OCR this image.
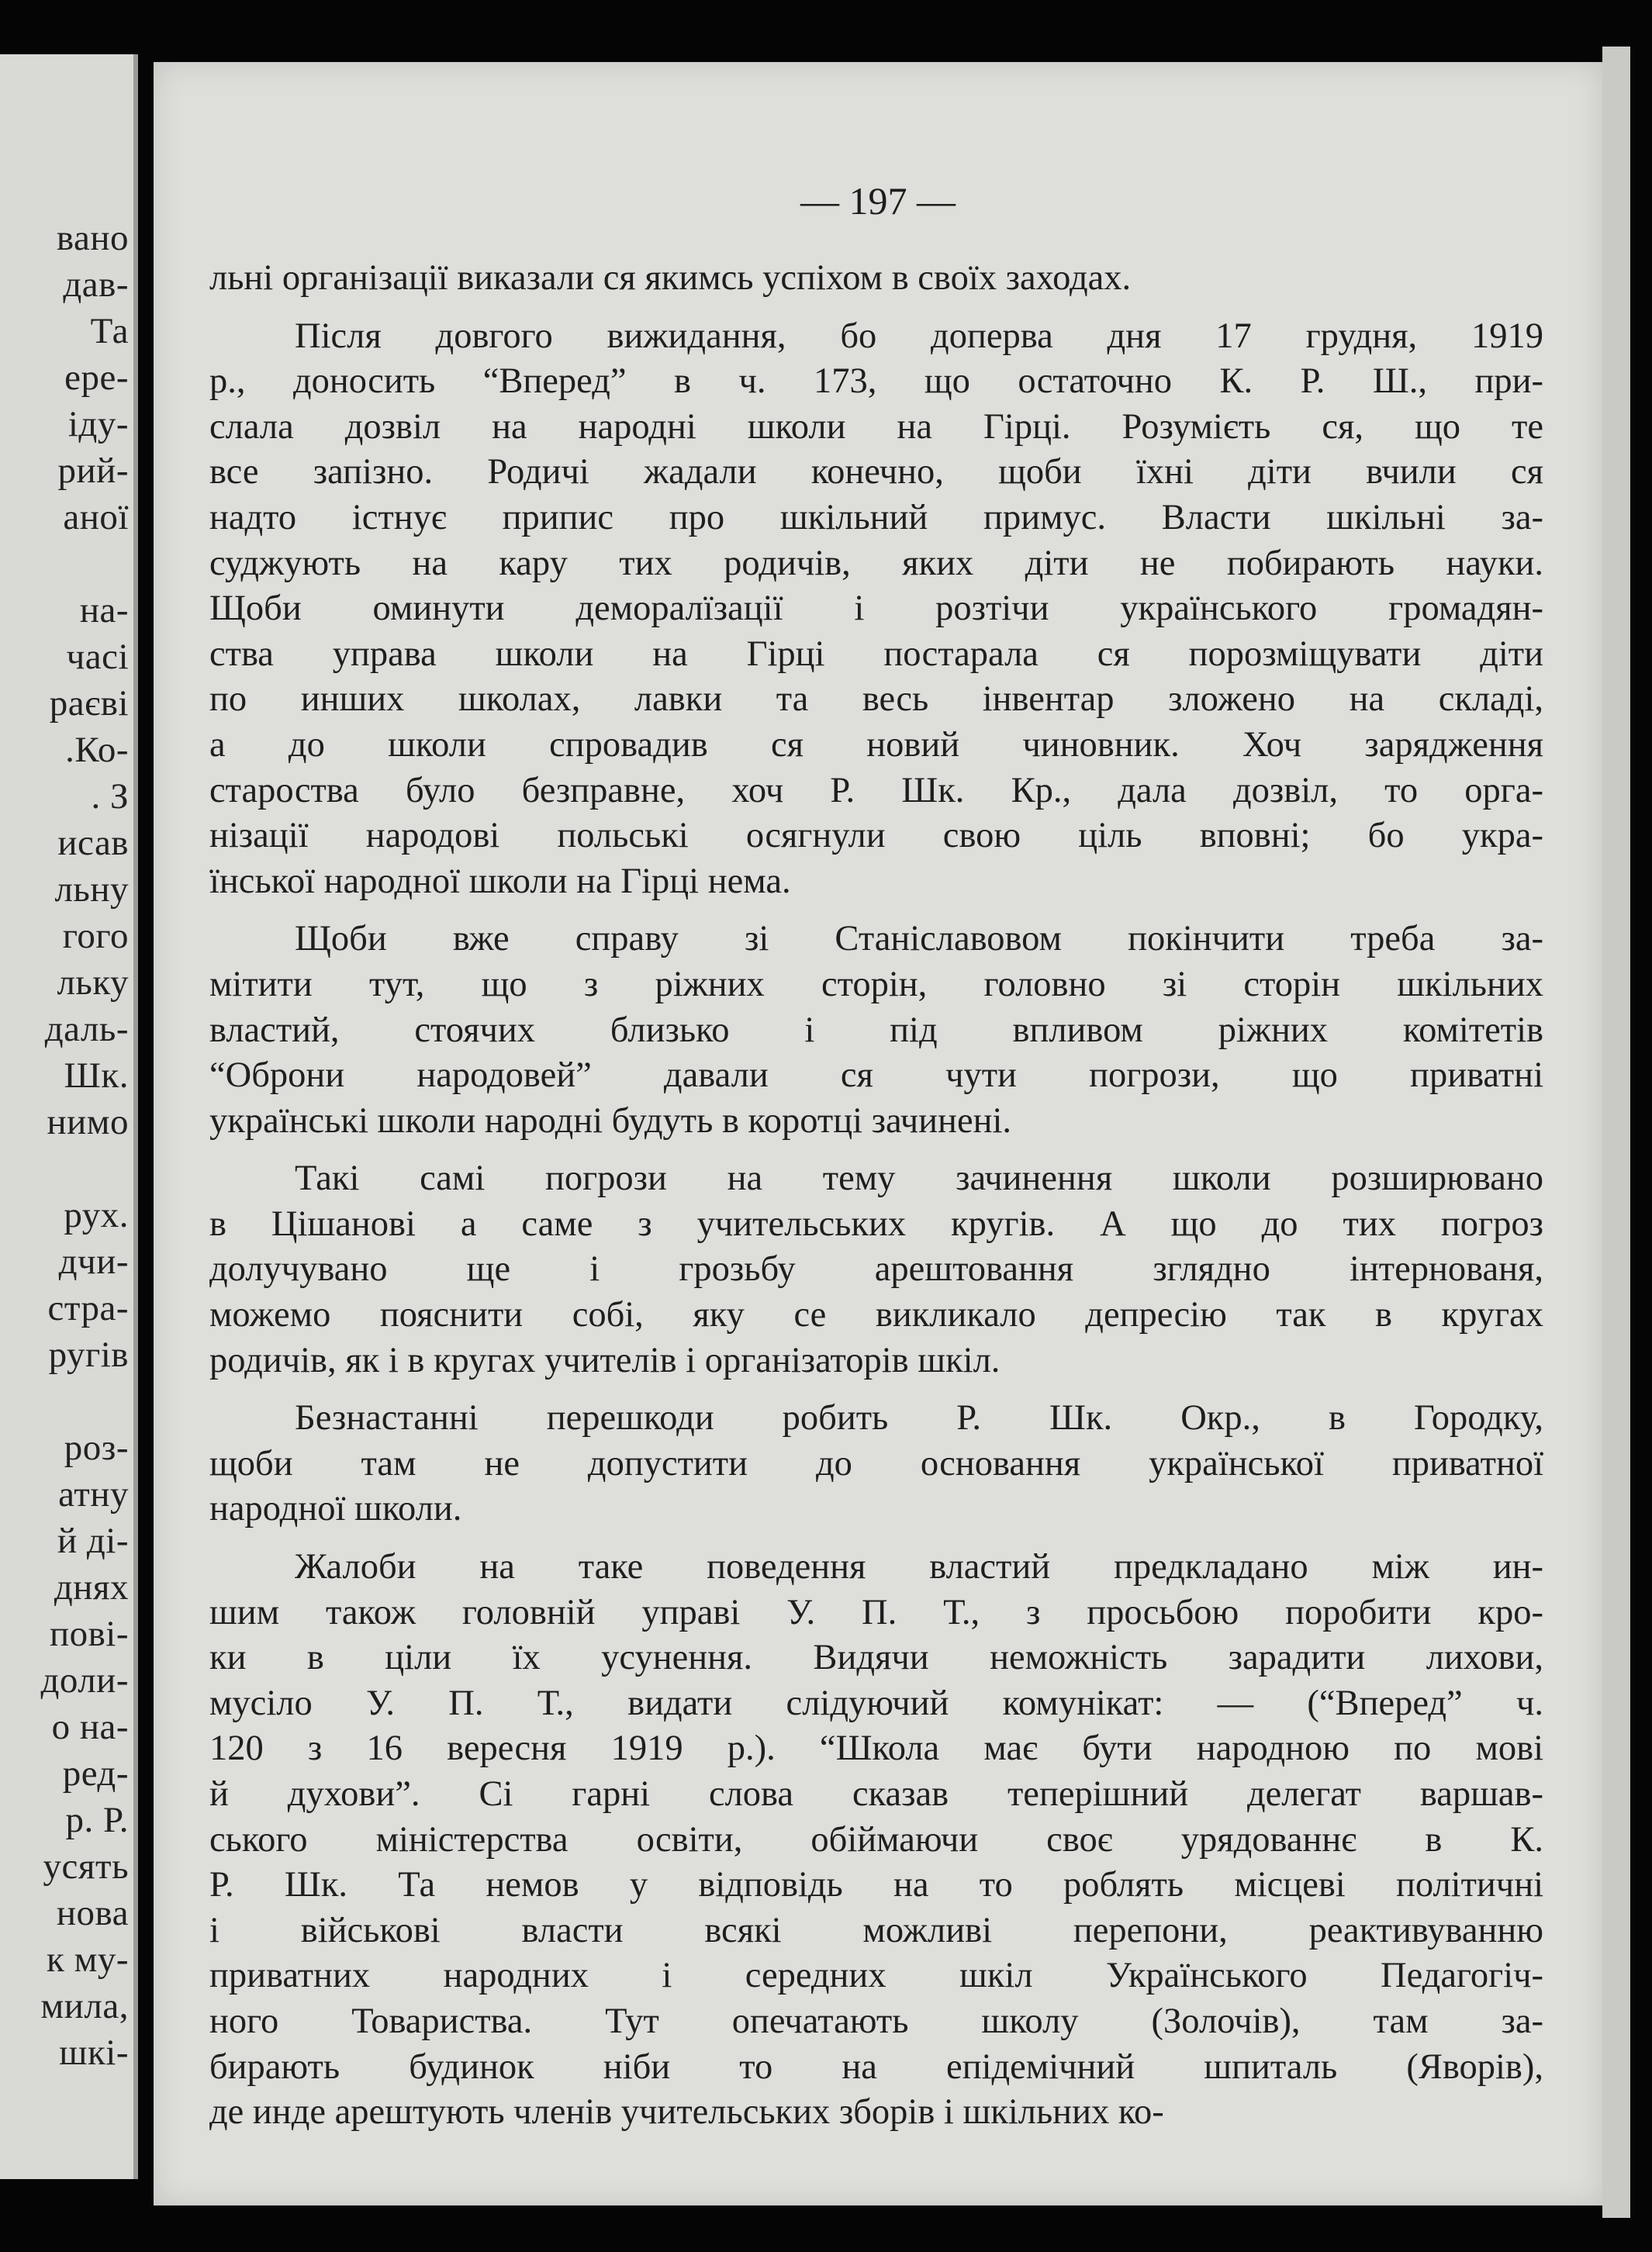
вано
дав-
Та
ере-
іду-
рий-
аної
на-
часі
раєві
.Ко-
. З
исав
льну
гого
льку
даль-
Шк.
нимо
рух.
дчи-
стра-
ругів
роз-
атну
й ді-
днях
пові-
доли-
о на-
ред-
р. Р.
усять
нова
к му-
мила,
шкі-
— 197 —
льні організації виказали ся якимсь успіхом в своїх заходах.
Після довгого вижидання, бо доперва дня 17 грудня, 1919
р., доносить “Вперед” в ч. 173, що остаточно К. Р. Ш., при-
слала дозвіл на народні школи на Гірці. Розумієть ся, що те
все запізно. Родичі жадали конечно, щоби їхні діти вчили ся
надто істнує припис про шкільний примус. Власти шкільні за-
суджують на кару тих родичів, яких діти не побирають науки.
Щоби оминути деморалїзації і розтічи українського громадян-
ства управа школи на Гірці постарала ся порозміщувати діти
по инших школах, лавки та весь інвентар зложено на складі,
а до школи спровадив ся новий чиновник. Хоч зарядження
староства було безправне, хоч Р. Шк. Кр., дала дозвіл, то орга-
нізації народові польські осягнули свою ціль вповні; бо укра-
їнської народної школи на Гірці нема.
Щоби вже справу зі Станіславовом покінчити треба за-
мітити тут, що з ріжних сторін, головно зі сторін шкільних
властий, стоячих близько і під впливом ріжних комітетів
“Оброни народовей” давали ся чути погрози, що приватні
українські школи народні будуть в коротці зачинені.
Такі самі погрози на тему зачинення школи розширювано
в Цішанові а саме з учительських кругів. А що до тих погроз
долучувано ще і грозьбу арештовання зглядно інтернованя,
можемо пояснити собі, яку се викликало депресію так в кругах
родичів, як і в кругах учителів і органiзаторів шкіл.
Безнастанні перешкоди робить Р. Шк. Окр., в Городку,
щоби там не допустити до основання української приватної
народної школи.
Жалоби на таке поведення властий предкладано між ин-
шим також головній управі У. П. Т., з просьбою поробити кро-
ки в ціли їх усунення. Видячи неможність зарадити лихови,
мусіло У. П. Т., видати слідуючий комунікат: — (“Вперед” ч.
120 з 16 вересня 1919 р.). “Школа має бути народною по мові
й духови”. Сі гарні слова сказав теперішний делегат варшав-
ського міністерства освіти, обіймаючи своє урядованнє в К.
Р. Шк. Та немов у відповідь на то роблять місцеві політичні
і військові власти всякі можливі перепони, реактивуванню
приватних народних і середних шкіл Українського Педагогіч-
ного Товариства. Тут опечатають школу (Золочів), там за-
бирають будинок ніби то на епідемічний шпиталь (Яворів),
де инде арештують членів учительських зборів і шкільних ко-
